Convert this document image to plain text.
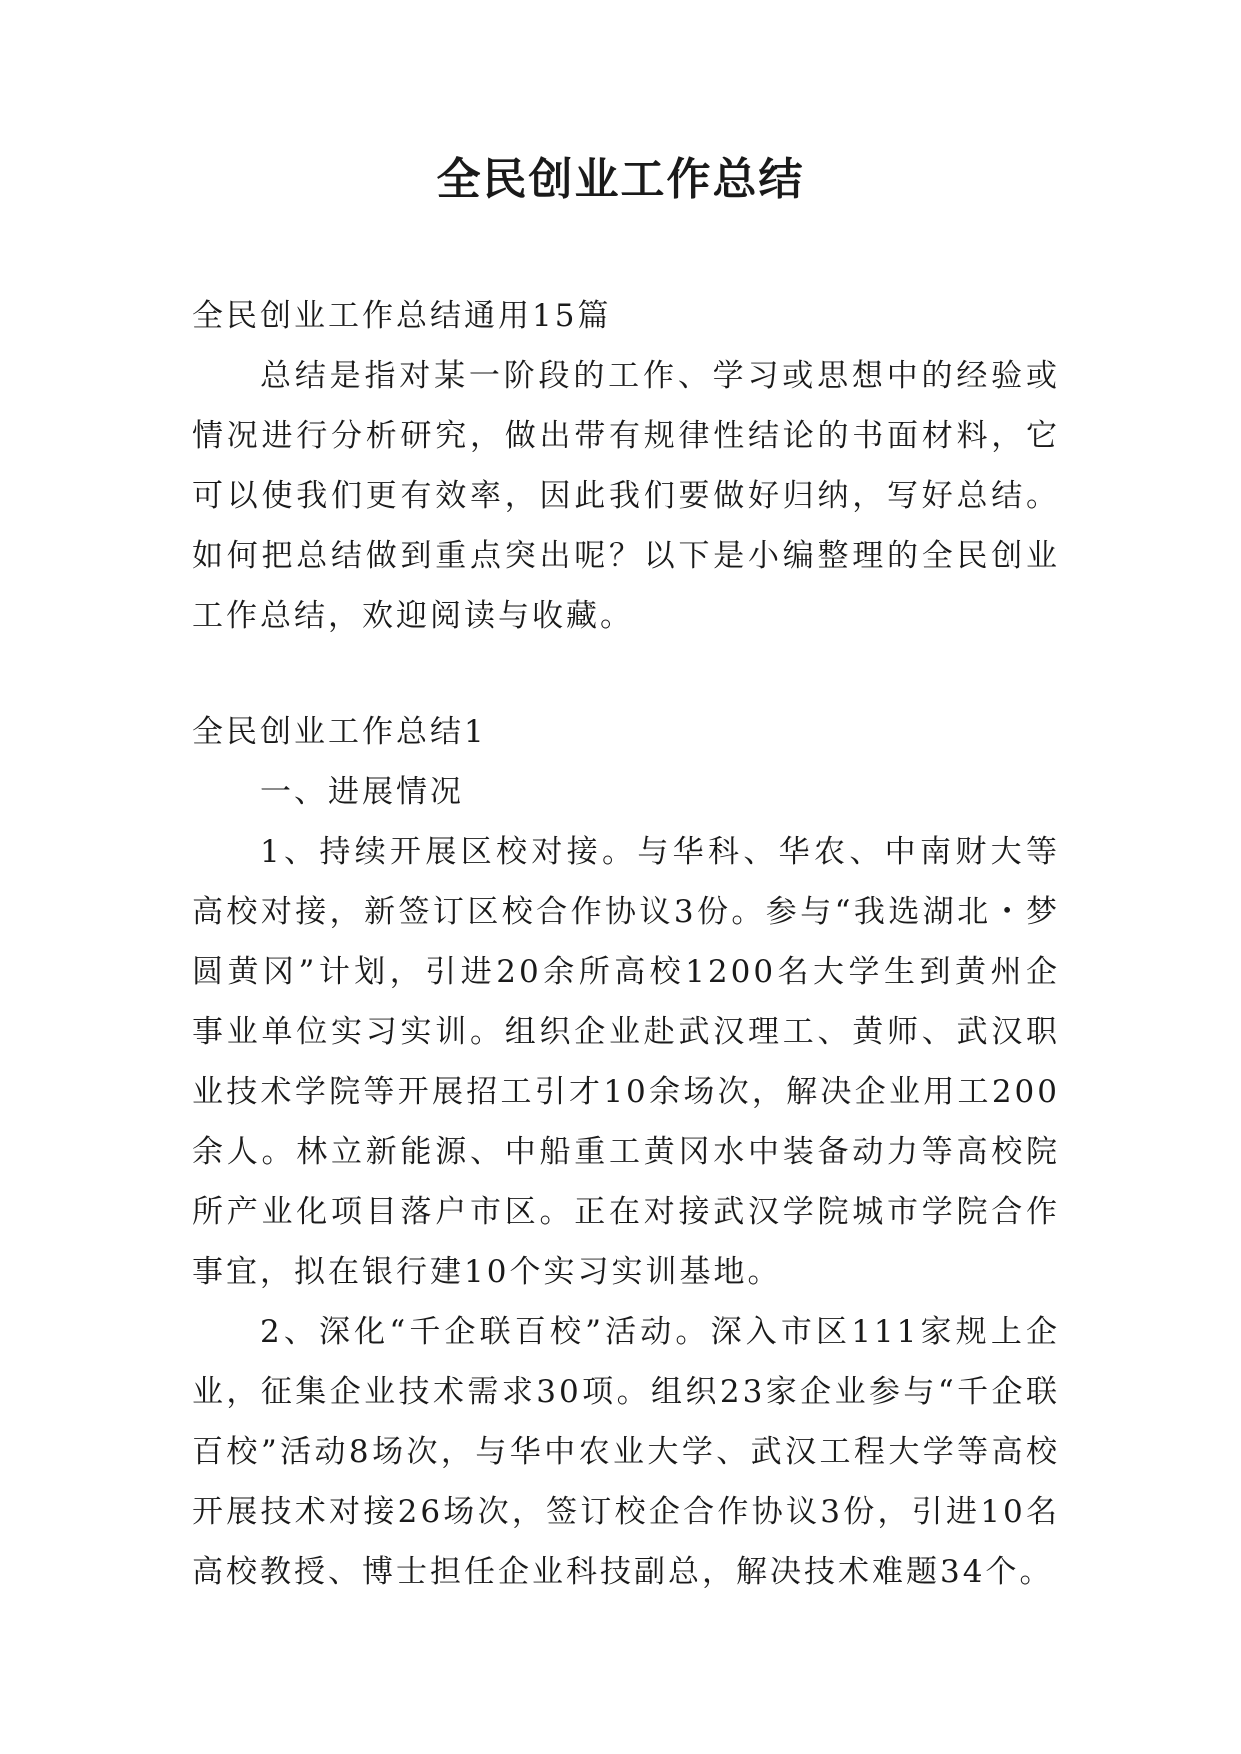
全民创业工作总结

全民创业工作总结通用15篇

总结是指对某一阶段的工作、学习或思想中的经验或情况进行分析研究，做出带有规律性结论的书面材料，它可以使我们更有效率，因此我们要做好归纳，写好总结。如何把总结做到重点突出呢？以下是小编整理的全民创业工作总结，欢迎阅读与收藏。

全民创业工作总结1

一、进展情况

1、持续开展区校对接。与华科、华农、中南财大等高校对接，新签订区校合作协议3份。参与“我选湖北・梦圆黄冈”计划，引进20余所高校1200名大学生到黄州企事业单位实习实训。组织企业赴武汉理工、黄师、武汉职业技术学院等开展招工引才10余场次，解决企业用工200余人。林立新能源、中船重工黄冈水中装备动力等高校院所产业化项目落户市区。正在对接武汉学院城市学院合作事宜，拟在银行建10个实习实训基地。

2、深化“千企联百校”活动。深入市区111家规上企业，征集企业技术需求30项。组织23家企业参与“千企联百校”活动8场次，与华中农业大学、武汉工程大学等高校开展技术对接26场次，签订校企合作协议3份，引进10名高校教授、博士担任企业科技副总，解决技术难题34个。
